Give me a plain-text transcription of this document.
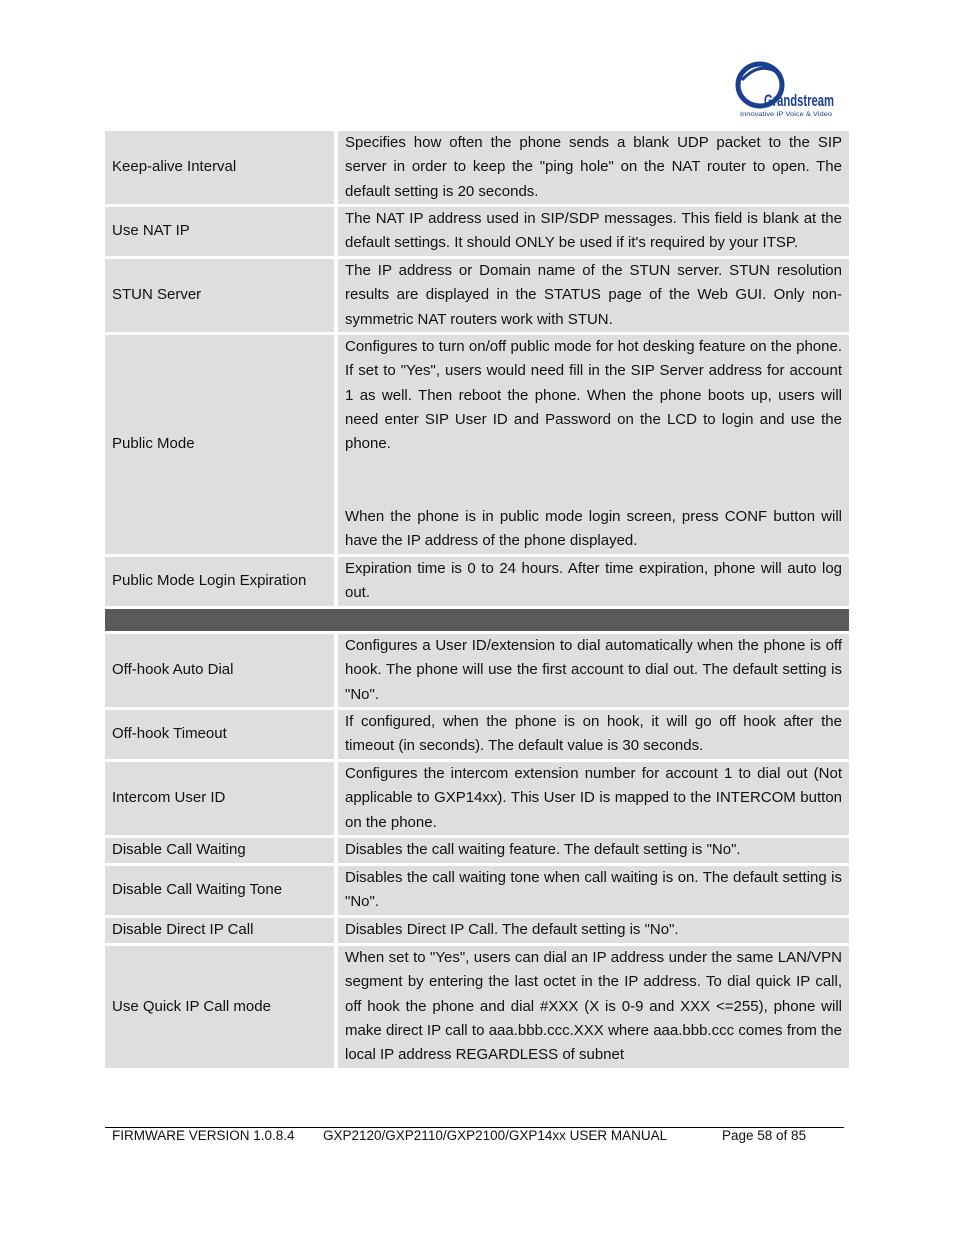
Grandstream
Innovative IP Voice & Video
Keep-alive Interval	Specifies how often the phone sends a blank UDP packet to the SIP server in order to keep the "ping hole" on the NAT router to open. The default setting is 20 seconds.

Use NAT IP	The NAT IP address used in SIP/SDP messages. This field is blank at the default settings. It should ONLY be used if it's required by your ITSP.

STUN Server	The IP address or Domain name of the STUN server. STUN resolution results are displayed in the STATUS page of the Web GUI. Only non-symmetric NAT routers work with STUN.

Public Mode	Configures to turn on/off public mode for hot desking feature on the phone. If set to "Yes", users would need fill in the SIP Server address for account 1 as well. Then reboot the phone. When the phone boots up, users will need enter SIP User ID and Password on the LCD to login and use the phone.

When the phone is in public mode login screen, press CONF button will have the IP address of the phone displayed.

Public Mode Login Expiration	Expiration time is 0 to 24 hours. After time expiration, phone will auto log out.

Off-hook Auto Dial	Configures a User ID/extension to dial automatically when the phone is off hook. The phone will use the first account to dial out. The default setting is "No".

Off-hook Timeout	If configured, when the phone is on hook, it will go off hook after the timeout (in seconds). The default value is 30 seconds.

Intercom User ID	Configures the intercom extension number for account 1 to dial out (Not applicable to GXP14xx). This User ID is mapped to the INTERCOM button on the phone.

Disable Call Waiting	Disables the call waiting feature. The default setting is "No".

Disable Call Waiting Tone	Disables the call waiting tone when call waiting is on. The default setting is "No".

Disable Direct IP Call	Disables Direct IP Call. The default setting is "No".

Use Quick IP Call mode	When set to "Yes", users can dial an IP address under the same LAN/VPN segment by entering the last octet in the IP address. To dial quick IP call, off hook the phone and dial #XXX (X is 0-9 and XXX <=255), phone will make direct IP call to aaa.bbb.ccc.XXX where aaa.bbb.ccc comes from the local IP address REGARDLESS of subnet

FIRMWARE VERSION 1.0.8.4 GXP2120/GXP2110/GXP2100/GXP14xx USER MANUAL	Page 58 of 85
